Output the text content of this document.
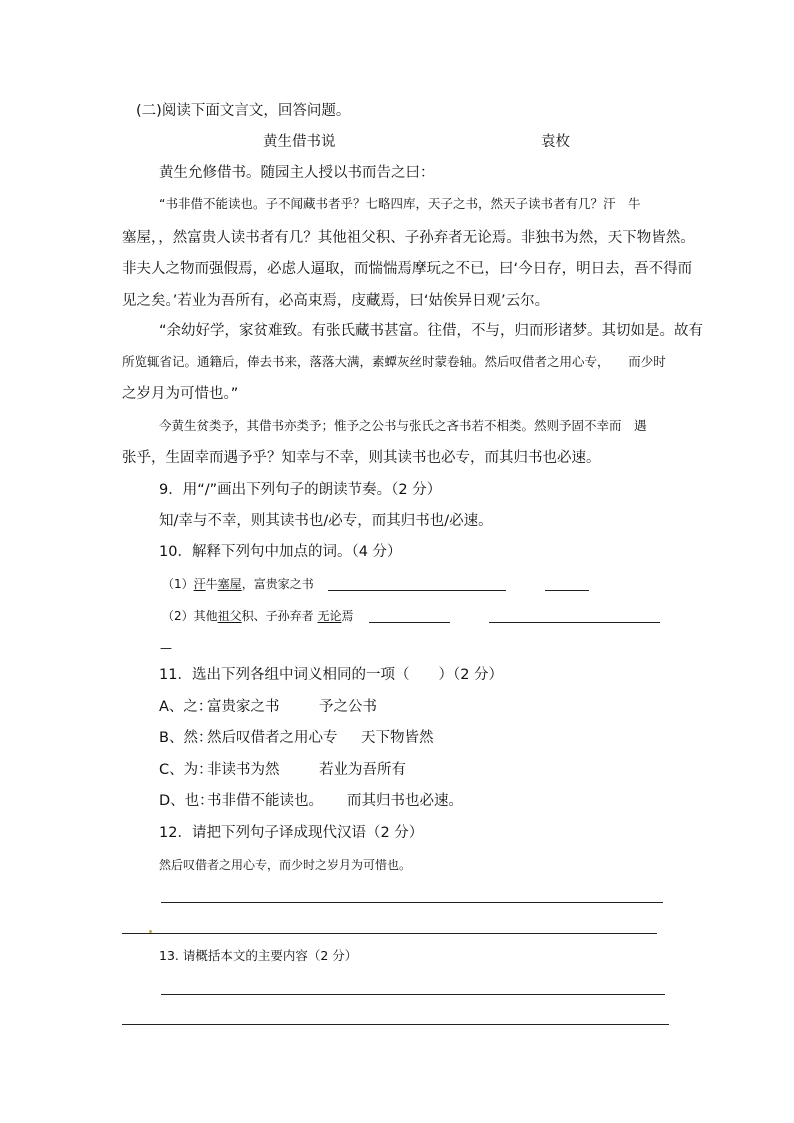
(二)阅读下面文言文，回答问题。
黄生借书说	袁枚
黄生允修借书。随园主人授以书而告之曰：
“书非借不能读也。子不闻藏书者乎？七略四库，天子之书，然天子读书者有几？汗　牛
塞屋，，然富贵人读书者有几？其他祖父积、子孙弃者无论焉。非独书为然，天下物皆然。
非夫人之物而强假焉，必虑人逼取，而惴惴焉摩玩之不已，曰‘今日存，明日去，吾不得而
见之矣。’若业为吾所有，必高束焉，庋藏焉，曰‘姑俟异日观’云尔。
“余幼好学，家贫难致。有张氏藏书甚富。往借，不与，归而形诸梦。其切如是。故有
所览辄省记。通籍后，俸去书来，落落大满，素蟫灰丝时蒙卷轴。然后叹借者之用心专，　　而少时
之岁月为可惜也。”
今黄生贫类予，其借书亦类予；惟予之公书与张氏之吝书若不相类。然则予固不幸而　遇
张乎，生固幸而遇予乎？知幸与不幸，则其读书也必专，而其归书也必速。
9．用“/”画出下列句子的朗读节奏。（2 分）
知/幸与不幸，则其读书也/必专，而其归书也/必速。
10．解释下列句中加点的词。（4 分）
（1）汗牛塞屋，富贵家之书
（2）其他祖父积、子孙弃者 无论焉
—
11．选出下列各组中词义相同的一项（　　）（2 分）
A、之：
富贵家之书	予之公书
B、然：
然后叹借者之用心专 天下物皆然
C、为：
非读书为然	若业为吾所有
D、也：
书非借不能读也。 而其归书也必速。
12．请把下列句子译成现代汉语（2 分）
然后叹借者之用心专，而少时之岁月为可惜也。
13. 请概括本文的主要内容（2 分）
